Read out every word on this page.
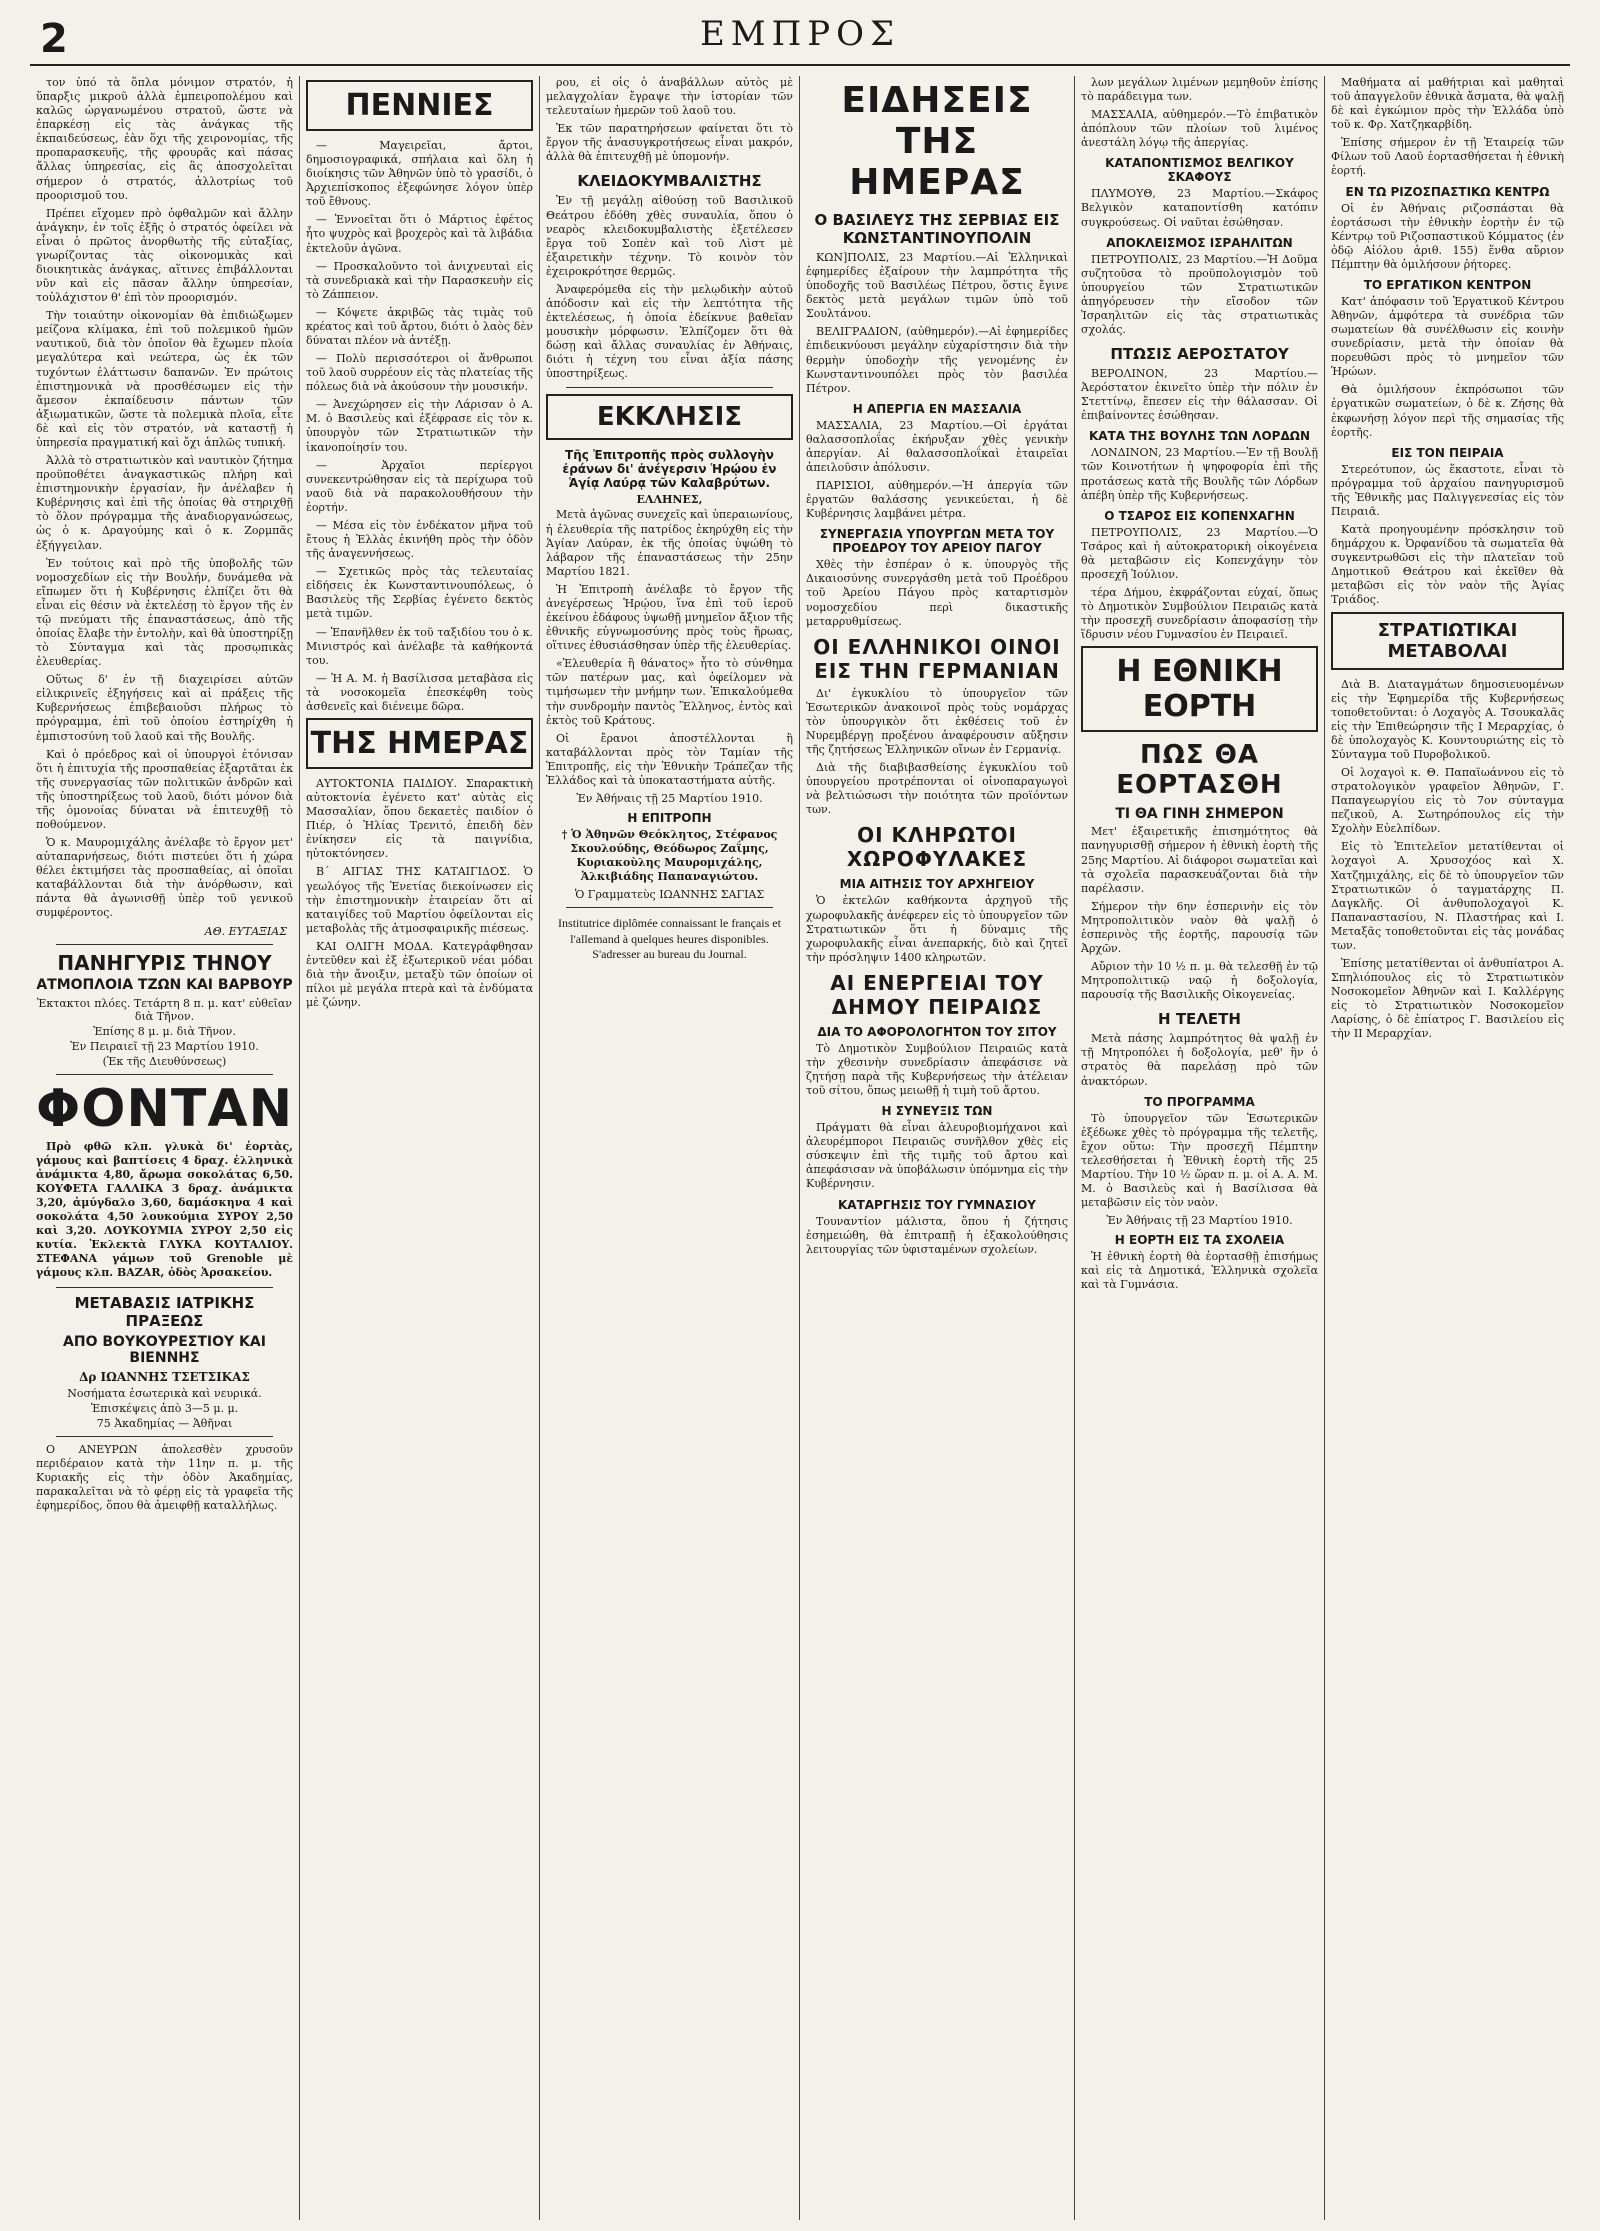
2	ΕΜΠΡΟΣ

τον ὑπό τὰ ὅπλα μόνιμον στρατόν, ἡ ὕπαρξις μικροῦ ἀλλὰ ἐμπειροπολέμου καὶ καλῶς ὡργανωμένου στρατοῦ, ὥστε νὰ ἐπαρκέσῃ εἰς τὰς ἀνάγκας τῆς ἐκπαιδεύσεως, ἐὰν ὅχι τῆς χειρονομίας, τῆς προπαρασκευῆς, τῆς φρουρᾶς καὶ πάσας ἄλλας ὑπηρεσίας, εἰς ἃς ἀποσχολεῖται σήμερον ὁ στρατός, ἀλλοτρίως τοῦ προορισμοῦ του.

Πρέπει εἴχομεν πρὸ ὀφθαλμῶν καὶ ἄλλην ἀνάγκην, ἐν τοῖς ἐξῆς ὁ στρατός ὀφείλει νὰ εἶναι ὁ πρῶτος ἀνορθωτὴς τῆς εὐταξίας, γνωρίζοντας τὰς οἰκονομικὰς καὶ διοικητικὰς ἀνάγκας, αἵτινες ἐπιβάλλονται νῦν καὶ εἰς πᾶσαν ἄλλην ὑπηρεσίαν, τοὐλάχιστον θ' ἐπὶ τὸν προορισμόν.

Τὴν τοιαύτην οἰκονομίαν θὰ ἐπιδιώξωμεν μείζονα κλίμακα, ἐπὶ τοῦ πολεμικοῦ ἡμῶν ναυτικοῦ, διὰ τὸν ὁποῖον θὰ ἔχωμεν πλοία μεγαλύτερα καὶ νεώτερα, ὡς ἐκ τῶν τυχόντων ἐλάττωσιν δαπανῶν. Ἐν πρώτοις ἐπιστημονικὰ νὰ προσθέσωμεν εἰς τὴν ἄμεσον ἐκπαίδευσιν πάντων τῶν ἀξιωματικῶν, ὥστε τὰ πολεμικὰ πλοῖα, εἶτε δὲ καὶ εἰς τὸν στρατόν, νὰ καταστῇ ἡ ὑπηρεσία πραγματική καὶ ὄχι ἁπλῶς τυπική.

Ἀλλὰ τὸ στρατιωτικὸν καὶ ναυτικὸν ζήτημα προϋποθέτει ἀναγκαστικῶς πλήρη καὶ ἐπιστημονικὴν ἐργασίαν, ἣν ἀνέλαβεν ἡ Κυβέρνησις καὶ ἐπὶ τῆς ὁποίας θὰ στηριχθῇ τὸ ὅλον πρόγραμμα τῆς ἀναδιοργανώσεως, ὡς ὁ κ. Δραγούμης καὶ ὁ κ. Ζορμπᾶς ἐξήγγειλαν.

Ἐν τούτοις καὶ πρὸ τῆς ὑποβολῆς τῶν νομοσχεδίων εἰς τὴν Βουλήν, δυνάμεθα νὰ εἴπωμεν ὅτι ἡ Κυβέρνησις ἐλπίζει ὅτι θὰ εἶναι εἰς θέσιν νὰ ἐκτελέσῃ τὸ ἔργον τῆς ἐν τῷ πνεύματι τῆς ἐπαναστάσεως, ἀπὸ τῆς ὁποίας ἔλαβε τὴν ἐντολὴν, καὶ θὰ ὑποστηρίξῃ τὸ Σύνταγμα καὶ τὰς προσῳπικὰς ἐλευθερίας.

Οὕτως δ' ἐν τῇ διαχειρίσει αὐτῶν εἰλικρινεῖς ἐξηγήσεις καὶ αἱ πράξεις τῆς Κυβερνήσεως ἐπιβεβαιοῦσι πλήρως τὸ πρόγραμμα, ἐπὶ τοῦ ὁποίου ἐστηρίχθη ἡ ἐμπιστοσύνη τοῦ λαοῦ καὶ τῆς Βουλῆς.

Καὶ ὁ πρόεδρος καὶ οἱ ὑπουργοὶ ἐτόνισαν ὅτι ἡ ἐπιτυχία τῆς προσπαθείας ἐξαρτᾶται ἐκ τῆς συνεργασίας τῶν πολιτικῶν ἀνδρῶν καὶ τῆς ὑποστηρίξεως τοῦ λαοῦ, διότι μόνον διὰ τῆς ὁμονοίας δύναται νὰ ἐπιτευχθῇ τὸ ποθούμενον.

Ὁ κ. Μαυρομιχάλης ἀνέλαβε τὸ ἔργον μετ' αὐταπαρνήσεως, διότι πιστεύει ὅτι ἡ χώρα θέλει ἐκτιμήσει τὰς προσπαθείας, αἱ ὁποῖαι καταβάλλονται διὰ τὴν ἀνόρθωσιν, καὶ πάντα θὰ ἀγωνισθῇ ὑπὲρ τοῦ γενικοῦ συμφέροντος.

ΑΘ. ΕΥΤΑΞΙΑΣ
ΠΑΝΗΓΥΡΙΣ ΤΗΝΟΥ
ΑΤΜΟΠΛΟΙΑ ΤΖΩΝ ΚΑΙ ΒΑΡΒΟΥΡ
Ἐκτακτοι πλόες. Τετάρτη 8 π. μ. κατ' εὐθεῖαν διὰ Τῆνον.
Ἐπίσης 8 μ. μ. διὰ Τῆνον.
Ἐν Πειραιεῖ τῇ 23 Μαρτίου 1910.
(Ἐκ τῆς Διευθύνσεως)
ΦΟΝΤΑΝ

Πρὸ φθῶ κλπ. γλυκὰ δι' ἑορτὰς, γάμους καὶ βαπτίσεις 4 δραχ. ἑλληνικὰ ἀνάμικτα 4,80, ἄρωμα σοκολάτας 6,50. ΚΟΥΦΕΤΑ ΓΑΛΛΙΚΑ 3 δραχ. ἀνάμικτα 3,20, ἀμύγδαλο 3,60, δαμάσκηνα 4 καὶ σοκολάτα 4,50 λουκούμια ΣΥΡΟΥ 2,50 καὶ 3,20. ΛΟΥΚΟΥΜΙΑ ΣΥΡΟΥ 2,50 εἰς κυτία. Ἐκλεκτὰ ΓΛΥΚΑ ΚΟΥΤΑΛΙΟΥ. ΣΤΕΦΑΝΑ γάμων τοῦ Grenoble μὲ γάμους κλπ. BAZAR, ὁδὸς Ἀρσακείου.

ΜΕΤΑΒΑΣΙΣ ΙΑΤΡΙΚΗΣ ΠΡΑΞΕΩΣ
ΑΠΟ ΒΟΥΚΟΥΡΕΣΤΙΟΥ ΚΑΙ ΒΙΕΝΝΗΣ
Δρ ΙΩΑΝΝΗΣ ΤΣΕΤΣΙΚΑΣ
Νοσήματα ἐσωτερικὰ καὶ νευρικά.
Ἐπισκέψεις ἀπὸ 3—5 μ. μ.
75 Ἀκαδημίας — Ἀθῆναι

Ο ΑΝΕΥΡΩΝ ἀπολεσθὲν χρυσοῦν περιδέραιον κατὰ τὴν 11ην π. μ. τῆς Κυριακῆς εἰς τὴν ὁδὸν Ἀκαδημίας, παρακαλεῖται νὰ τὸ φέρῃ εἰς τὰ γραφεῖα τῆς ἐφημερίδος, ὅπου θὰ ἀμειφθῇ καταλλήλως.

ΠΕΝΝΙΕΣ

— Μαγειρεῖαι, ἄρτοι, δημοσιογραφικά, σπήλαια καὶ ὅλη ἡ διοίκησις τῶν Ἀθηνῶν ὑπὸ τὸ γρασίδι, ὁ Ἀρχιεπίσκοπος ἐξεφώνησε λόγον ὑπὲρ τοῦ ἔθνους.

— Ἐννοεῖται ὅτι ὁ Μάρτιος ἐφέτος ἦτο ψυχρὸς καὶ βροχερὸς καὶ τὰ λιβάδια ἐκτελοῦν ἀγῶνα.

— Προσκαλοῦντο τοὶ ἀνιχνευταὶ εἰς τὰ συνεδριακὰ καὶ τὴν Παρασκευὴν εἰς τὸ Ζάππειον.

— Κόψετε ἀκριβῶς τὰς τιμὰς τοῦ κρέατος καὶ τοῦ ἄρτου, διότι ὁ λαὸς δὲν δύναται πλέον νὰ ἀντέξῃ.

— Πολὺ περισσότεροι οἱ ἄνθρωποι τοῦ λαοῦ συρρέουν εἰς τὰς πλατείας τῆς πόλεως διὰ νὰ ἀκούσουν τὴν μουσικήν.

— Ἀνεχώρησεν εἰς τὴν Λάρισαν ὁ Α. Μ. ὁ Βασιλεὺς καὶ ἐξέφρασε εἰς τὸν κ. ὑπουργὸν τῶν Στρατιωτικῶν τὴν ἱκανοποίησίν του.

— Ἀρχαῖοι περίεργοι συνεκεντρώθησαν εἰς τὰ περίχωρα τοῦ ναοῦ διὰ νὰ παρακολουθήσουν τὴν ἐορτήν.

— Μέσα εἰς τὸν ἑνδέκατον μῆνα τοῦ ἔτους ἡ Ἑλλὰς ἐκινήθη πρὸς τὴν ὁδὸν τῆς ἀναγεννήσεως.

— Σχετικῶς πρὸς τὰς τελευταίας εἰδήσεις ἐκ Κωνσταντινουπόλεως, ὁ Βασιλεὺς τῆς Σερβίας ἐγένετο δεκτὸς μετὰ τιμῶν.

— Ἐπανῆλθεν ἐκ τοῦ ταξιδίου του ὁ κ. Μινιστρός καὶ ἀνέλαβε τὰ καθήκοντά του.

— Ἡ Α. Μ. ἡ Βασίλισσα μεταβὰσα εἰς τὰ νοσοκομεῖα ἐπεσκέφθη τοὺς ἀσθενεῖς καὶ διένειμε δῶρα.

ΤΗΣ ΗΜΕΡΑΣ

ΑΥΤΟΚΤΟΝΙΑ ΠΑΙΔΙΟΥ. Σπαρακτικὴ αὐτοκτονία ἐγένετο κατ' αὐτὰς εἰς Μασσαλίαν, ὅπου δεκαετὲς παιδίον ὁ Πιέρ, ὁ Ἡλίας Τρενιτό, ἐπειδὴ δὲν ἐνίκησεν εἰς τὰ παιγνίδια, ηὐτοκτόνησεν.

Β΄ ΑΙΓΙΑΣ ΤΗΣ ΚΑΤΑΙΓΙΔΟΣ. Ὁ γεωλόγος τῆς Ἐνετίας διεκοίνωσεν εἰς τὴν ἐπιστημονικὴν ἑταιρείαν ὅτι αἱ καταιγίδες τοῦ Μαρτίου ὀφείλονται εἰς μεταβολὰς τῆς ἀτμοσφαιρικῆς πιέσεως.

ΚΑΙ ΟΛΙΓΗ ΜΟΔΑ. Κατεγράφθησαν ἐντεῦθεν καὶ ἐξ ἐξωτερικοῦ νέαι μόδαι διὰ τὴν ἄνοιξιν, μεταξὺ τῶν ὁποίων οἱ πίλοι μὲ μεγάλα πτερὰ καὶ τὰ ἐνδύματα μὲ ζώνην.

ρου, εἰ οἷς ὁ ἀναβάλλων αὐτὸς μὲ μελαγχολίαν ἔγραψε τὴν ἱστορίαν τῶν τελευταίων ἡμερῶν τοῦ λαοῦ του.

Ἐκ τῶν παρατηρήσεων φαίνεται ὅτι τὸ ἔργον τῆς ἀνασυγκροτήσεως εἶναι μακρόν, ἀλλὰ θὰ ἐπιτευχθῇ μὲ ὑπομονήν.

ΚΛΕΙΔΟΚΥΜΒΑΛΙΣΤΗΣ

Ἐν τῇ μεγάλῃ αἰθούσῃ τοῦ Βασιλικοῦ Θεάτρου ἐδόθη χθὲς συναυλία, ὅπου ὁ νεαρὸς κλειδοκυμβαλιστὴς ἐξετέλεσεν ἔργα τοῦ Σοπὲν καὶ τοῦ Λὶστ μὲ ἐξαιρετικὴν τέχνην. Τὸ κοινὸν τὸν ἐχειροκρότησε θερμῶς.

Ἀναφερόμεθα εἰς τὴν μελῳδικὴν αὐτοῦ ἀπόδοσιν καὶ εἰς τὴν λεπτότητα τῆς ἐκτελέσεως, ἡ ὁποία ἐδείκνυε βαθεῖαν μουσικὴν μόρφωσιν. Ἐλπίζομεν ὅτι θὰ δώσῃ καὶ ἄλλας συναυλίας ἐν Ἀθήναις, διότι ἡ τέχνη του εἶναι ἀξία πάσης ὑποστηρίξεως.

ΕΚΚΛΗΣΙΣ
Τῆς Ἐπιτροπῆς πρὸς συλλογὴν ἐράνων δι' ἀνέγερσιν Ἡρῴου ἐν Ἁγίᾳ Λαύρᾳ τῶν Καλαβρύτων.
ΕΛΛΗΝΕΣ,

Μετὰ ἀγῶνας συνεχεῖς καὶ ὑπεραιωνίους, ἡ ἐλευθερία τῆς πατρίδος ἐκηρύχθη εἰς τὴν Ἁγίαν Λαύραν, ἐκ τῆς ὁποίας ὑψώθη τὸ λάβαρον τῆς ἐπαναστάσεως τὴν 25ην Μαρτίου 1821.

Ἡ Ἐπιτροπὴ ἀνέλαβε τὸ ἔργον τῆς ἀνεγέρσεως Ἡρῴου, ἵνα ἐπὶ τοῦ ἱεροῦ ἐκείνου ἐδάφους ὑψωθῇ μνημεῖον ἄξιον τῆς ἐθνικῆς εὐγνωμοσύνης πρὸς τοὺς ἥρωας, οἵτινες ἐθυσιάσθησαν ὑπὲρ τῆς ἐλευθερίας.

«Ἐλευθερία ἢ θάνατος» ἦτο τὸ σύνθημα τῶν πατέρων μας, καὶ ὀφείλομεν νὰ τιμήσωμεν τὴν μνήμην των. Ἐπικαλούμεθα τὴν συνδρομὴν παντὸς Ἕλληνος, ἐντὸς καὶ ἐκτὸς τοῦ Κράτους.

Οἱ ἔρανοι ἀποστέλλονται ἢ καταβάλλονται πρὸς τὸν Ταμίαν τῆς Ἐπιτροπῆς, εἰς τὴν Ἐθνικὴν Τράπεζαν τῆς Ἑλλάδος καὶ τὰ ὑποκαταστήματα αὐτῆς.

Ἐν Ἀθήναις τῇ 25 Μαρτίου 1910.
Η ΕΠΙΤΡΟΠΗ

† Ὁ Ἀθηνῶν Θεόκλητος, Στέφανος Σκουλούδης, Θεόδωρος Ζαΐμης, Κυριακοὺλης Μαυρομιχάλης, Ἀλκιβιάδης Παπαναγιώτου.

Ὁ Γραμματεὺς ΙΩΑΝΝΗΣ ΣΑΓΙΑΣ
Institutrice diplômée connaissant le français et l'allemand à quelques heures disponibles. S'adresser au bureau du Journal.
ΕΙΔΗΣΕΙΣ ΤΗΣ ΗΜΕΡΑΣ
Ο ΒΑΣΙΛΕΥΣ ΤΗΣ ΣΕΡΒΙΑΣ ΕΙΣ ΚΩΝΣΤΑΝΤΙΝΟΥΠΟΛΙΝ

ΚΩΝ]ΠΟΛΙΣ, 23 Μαρτίου.—Αἱ Ἑλληνικαὶ ἐφημερίδες ἐξαίρουν τὴν λαμπρότητα τῆς ὑποδοχῆς τοῦ Βασιλέως Πέτρου, ὅστις ἔγινε δεκτὸς μετὰ μεγάλων τιμῶν ὑπὸ τοῦ Σουλτάνου.

ΒΕΛΙΓΡΑΔΙΟΝ, (αὐθημερόν).—Αἱ ἐφημερίδες ἐπιδεικνύουσι μεγάλην εὐχαρίστησιν διὰ τὴν θερμὴν ὑποδοχὴν τῆς γενομένης ἐν Κωνσταντινουπόλει πρὸς τὸν βασιλέα Πέτρον.

Η ΑΠΕΡΓΙΑ ΕΝ ΜΑΣΣΑΛΙΑ

ΜΑΣΣΑΛΙΑ, 23 Μαρτίου.—Οἱ ἐργάται θαλασσοπλοΐας ἐκήρυξαν χθὲς γενικὴν ἀπεργίαν. Αἱ θαλασσοπλοΐκαὶ ἑταιρεῖαι ἀπειλοῦσιν ἀπόλυσιν.

ΠΑΡΙΣΙΟΙ, αὐθημερόν.—Ἡ ἀπεργία τῶν ἐργατῶν θαλάσσης γενικεύεται, ἡ δὲ Κυβέρνησις λαμβάνει μέτρα.

ΣΥΝΕΡΓΑΣΙΑ ΥΠΟΥΡΓΩΝ ΜΕΤΑ ΤΟΥ ΠΡΟΕΔΡΟΥ ΤΟΥ ΑΡΕΙΟΥ ΠΑΓΟΥ

Χθὲς τὴν ἑσπέραν ὁ κ. ὑπουργὸς τῆς Δικαιοσύνης συνεργάσθη μετὰ τοῦ Προέδρου τοῦ Ἀρείου Πάγου πρὸς καταρτισμὸν νομοσχεδίου περὶ δικαστικῆς μεταρρυθμίσεως.

ΟΙ ΕΛΛΗΝΙΚΟΙ ΟΙΝΟΙ ΕΙΣ ΤΗΝ ΓΕΡΜΑΝΙΑΝ

Δι' ἐγκυκλίου τὸ ὑπουργεῖον τῶν Ἐσωτερικῶν ἀνακοινοῖ πρὸς τοὺς νομάρχας τὸν ὑπουργικὸν ὅτι ἐκθέσεις τοῦ ἐν Νυρεμβέργῃ προξένου ἀναφέρουσιν αὔξησιν τῆς ζητήσεως Ἑλληνικῶν οἴνων ἐν Γερμανίᾳ.

Διὰ τῆς διαβιβασθείσης ἐγκυκλίου τοῦ ὑπουργείου προτρέπονται οἱ οἰνοπαραγωγοὶ νὰ βελτιώσωσι τὴν ποιότητα τῶν προϊόντων των.

ΟΙ ΚΛΗΡΩΤΟΙ ΧΩΡΟΦΥΛΑΚΕΣ
ΜΙΑ ΑΙΤΗΣΙΣ ΤΟΥ ΑΡΧΗΓΕΙΟΥ

Ὁ ἐκτελῶν καθήκοντα ἀρχηγοῦ τῆς χωροφυλακῆς ἀνέφερεν εἰς τὸ ὑπουργεῖον τῶν Στρατιωτικῶν ὅτι ἡ δύναμις τῆς χωροφυλακῆς εἶναι ἀνεπαρκής, διὸ καὶ ζητεῖ τὴν πρόσληψιν 1400 κληρωτῶν.

ΑΙ ΕΝΕΡΓΕΙΑΙ ΤΟΥ ΔΗΜΟΥ ΠΕΙΡΑΙΩΣ
ΔΙΑ ΤΟ ΑΦΟΡΟΛΟΓΗΤΟΝ ΤΟΥ ΣΙΤΟΥ

Τὸ Δημοτικὸν Συμβούλιον Πειραιῶς κατὰ τὴν χθεσινὴν συνεδρίασιν ἀπεφάσισε νὰ ζητήσῃ παρὰ τῆς Κυβερνήσεως τὴν ἀτέλειαν τοῦ σίτου, ὅπως μειωθῇ ἡ τιμὴ τοῦ ἄρτου.

Η ΣΥΝΕΥΞΙΣ ΤΩΝ

Πράγματι θὰ εἶναι ἀλευροβιομήχανοι καὶ ἀλευρέμποροι Πειραιῶς συνῆλθον χθὲς εἰς σύσκεψιν ἐπὶ τῆς τιμῆς τοῦ ἄρτου καὶ ἀπεφάσισαν νὰ ὑποβάλωσιν ὑπόμνημα εἰς τὴν Κυβέρνησιν.

ΚΑΤΑΡΓΗΣΙΣ ΤΟΥ ΓΥΜΝΑΣΙΟΥ

Τουναντίον μάλιστα, ὅπου ἡ ζήτησις ἐσημειώθη, θὰ ἐπιτραπῇ ἡ ἐξακολούθησις λειτουργίας τῶν ὑφισταμένων σχολείων.

λων μεγάλων λιμένων μεμηθοῦν ἐπίσης τὸ παράδειγμα των.

ΜΑΣΣΑΛΙΑ, αὐθημερόν.—Τὸ ἐπιβατικὸν ἀπόπλουν τῶν πλοίων τοῦ λιμένος ἀνεστάλη λόγῳ τῆς ἀπεργίας.

ΚΑΤΑΠΟΝΤΙΣΜΟΣ ΒΕΛΓΙΚΟΥ ΣΚΑΦΟΥΣ

ΠΛΥΜΟΥΘ, 23 Μαρτίου.—Σκάφος Βελγικὸν καταποντίσθη κατόπιν συγκρούσεως. Οἱ ναῦται ἐσώθησαν.

ΑΠΟΚΛΕΙΣΜΟΣ ΙΣΡΑΗΛΙΤΩΝ

ΠΕΤΡΟΥΠΟΛΙΣ, 23 Μαρτίου.—Ἡ Δοῦμα συζητοῦσα τὸ προϋπολογισμὸν τοῦ ὑπουργείου τῶν Στρατιωτικῶν ἀπηγόρευσεν τὴν εἴσοδον τῶν Ἰσραηλιτῶν εἰς τὰς στρατιωτικὰς σχολάς.

ΠΤΩΣΙΣ ΑΕΡΟΣΤΑΤΟΥ

ΒΕΡΟΛΙΝΟΝ, 23 Μαρτίου.—Ἀερόστατον ἐκινεῖτο ὑπὲρ τὴν πόλιν ἐν Στεττίνῳ, ἔπεσεν εἰς τὴν θάλασσαν. Οἱ ἐπιβαίνοντες ἐσώθησαν.

ΚΑΤΑ ΤΗΣ ΒΟΥΛΗΣ ΤΩΝ ΛΟΡΔΩΝ

ΛΟΝΔΙΝΟΝ, 23 Μαρτίου.—Ἐν τῇ Βουλῇ τῶν Κοινοτήτων ἡ ψηφοφορία ἐπὶ τῆς προτάσεως κατὰ τῆς Βουλῆς τῶν Λόρδων ἀπέβη ὑπὲρ τῆς Κυβερνήσεως.

Ο ΤΣΑΡΟΣ ΕΙΣ ΚΟΠΕΝΧΑΓΗΝ

ΠΕΤΡΟΥΠΟΛΙΣ, 23 Μαρτίου.—Ὁ Τσάρος καὶ ἡ αὐτοκρατορικὴ οἰκογένεια θὰ μεταβῶσιν εἰς Κοπενχάγην τὸν προσεχῆ Ἰούλιον.

τέρα Δήμου, ἐκφράζονται εὐχαί, ὅπως τὸ Δημοτικὸν Συμβούλιον Πειραιῶς κατὰ τὴν προσεχῆ συνεδρίασιν ἀποφασίσῃ τὴν ἵδρυσιν νέου Γυμνασίου ἐν Πειραιεῖ.

Η ΕΘΝΙΚΗ ΕΟΡΤΗ
ΠΩΣ ΘΑ ΕΟΡΤΑΣΘΗ
ΤΙ ΘΑ ΓΙΝΗ ΣΗΜΕΡΟΝ

Μετ' ἐξαιρετικῆς ἐπισημότητος θὰ πανηγυρισθῇ σήμερον ἡ ἐθνικὴ ἑορτὴ τῆς 25ης Μαρτίου. Αἱ διάφοροι σωματεῖαι καὶ τὰ σχολεῖα παρασκευάζονται διὰ τὴν παρέλασιν.

Σήμερον τὴν 6ην ἑσπερινὴν εἰς τὸν Μητροπολιτικὸν ναὸν θὰ ψαλῇ ὁ ἑσπερινὸς τῆς ἑορτῆς, παρουσίᾳ τῶν Ἀρχῶν.

Αὔριον τὴν 10 ½ π. μ. θὰ τελεσθῇ ἐν τῷ Μητροπολιτικῷ ναῷ ἡ δοξολογία, παρουσίᾳ τῆς Βασιλικῆς Οἰκογενείας.

Η ΤΕΛΕΤΗ

Μετὰ πάσης λαμπρότητος θὰ ψαλῇ ἐν τῇ Μητροπόλει ἡ δοξολογία, μεθ' ἣν ὁ στρατὸς θὰ παρελάσῃ πρὸ τῶν ἀνακτόρων.

ΤΟ ΠΡΟΓΡΑΜΜΑ

Τὸ ὑπουργεῖον τῶν Ἐσωτερικῶν ἐξέδωκε χθὲς τὸ πρόγραμμα τῆς τελετῆς, ἔχον οὕτω: Τὴν προσεχῆ Πέμπτην τελεσθήσεται ἡ Ἐθνικὴ ἑορτὴ τῆς 25 Μαρτίου. Τὴν 10 ½ ὥραν π. μ. οἱ Α. Α. Μ. Μ. ὁ Βασιλεὺς καὶ ἡ Βασίλισσα θὰ μεταβῶσιν εἰς τὸν ναὸν.

Ἐν Ἀθήναις τῇ 23 Μαρτίου 1910.
Η ΕΟΡΤΗ ΕΙΣ ΤΑ ΣΧΟΛΕΙΑ

Ἡ ἐθνικὴ ἑορτὴ θὰ ἑορτασθῇ ἐπισήμως καὶ εἰς τὰ Δημοτικά, Ἑλληνικὰ σχολεῖα καὶ τὰ Γυμνάσια.

Μαθήματα αἱ μαθήτριαι καὶ μαθηταὶ τοῦ ἀπαγγελοῦν ἐθνικὰ ἄσματα, θὰ ψαλῇ δὲ καὶ ἐγκώμιον πρὸς τὴν Ἑλλάδα ὑπὸ τοῦ κ. Φρ. Χατζηκαρβίδη.

Ἐπίσης σήμερον ἐν τῇ Ἑταιρείᾳ τῶν Φίλων τοῦ Λαοῦ ἑορτασθήσεται ἡ ἐθνικὴ ἑορτή.

ΕΝ ΤΩ ΡΙΖΟΣΠΑΣΤΙΚΩ ΚΕΝΤΡΩ

Οἱ ἐν Ἀθήναις ριζοσπάσται θὰ ἑορτάσωσι τὴν ἐθνικὴν ἑορτὴν ἐν τῷ Κέντρῳ τοῦ Ριζοσπαστικοῦ Κόμματος (ἐν ὁδῷ Αἰόλου ἀριθ. 155) ἕνθα αὔριον Πέμπτην θὰ ὁμιλήσουν ῥήτορες.

ΤΟ ΕΡΓΑΤΙΚΟΝ ΚΕΝΤΡΟΝ

Κατ' ἀπόφασιν τοῦ Ἐργατικοῦ Κέντρου Ἀθηνῶν, ἀμφότερα τὰ συνέδρια τῶν σωματείων θὰ συνέλθωσιν εἰς κοινὴν συνεδρίασιν, μετὰ τὴν ὁποίαν θὰ πορευθῶσι πρὸς τὸ μνημεῖον τῶν Ἡρώων.

Θὰ ὁμιλήσουν ἐκπρόσωποι τῶν ἐργατικῶν σωματείων, ὁ δὲ κ. Ζήσης θὰ ἐκφωνήσῃ λόγον περὶ τῆς σημασίας τῆς ἑορτῆς.

ΕΙΣ ΤΟΝ ΠΕΙΡΑΙΑ

Στερεότυπον, ὡς ἕκαστοτε, εἶναι τὸ πρόγραμμα τοῦ ἀρχαίου πανηγυρισμοῦ τῆς Ἐθνικῆς μας Παλιγγενεσίας εἰς τὸν Πειραιᾶ.

Κατὰ προηγουμένην πρόσκλησιν τοῦ δημάρχου κ. Ὀρφανίδου τὰ σωματεῖα θὰ συγκεντρωθῶσι εἰς τὴν πλατεῖαν τοῦ Δημοτικοῦ Θεάτρου καὶ ἐκεῖθεν θὰ μεταβῶσι εἰς τὸν ναὸν τῆς Ἁγίας Τριάδος.

ΣΤΡΑΤΙΩΤΙΚΑΙ ΜΕΤΑΒΟΛΑΙ

Διὰ Β. Διαταγμάτων δημοσιευομένων εἰς τὴν Ἐφημερίδα τῆς Κυβερνήσεως τοποθετοῦνται: ὁ Λοχαγὸς Α. Τσουκαλᾶς εἰς τὴν Ἐπιθεώρησιν τῆς Ι Μεραρχίας, ὁ δὲ ὑπολοχαγὸς Κ. Κουντουριώτης εἰς τὸ Σύνταγμα τοῦ Πυροβολικοῦ.

Οἱ λοχαγοὶ κ. Θ. Παπαϊωάννου εἰς τὸ στρατολογικὸν γραφεῖον Ἀθηνῶν, Γ. Παπαγεωργίου εἰς τὸ 7ον σύνταγμα πεζικοῦ, Α. Σωτηρόπουλος εἰς τὴν Σχολὴν Εὐελπίδων.

Εἰς τὸ Ἐπιτελεῖον μετατίθενται οἱ λοχαγοὶ Α. Χρυσοχόος καὶ Χ. Χατζημιχάλης, εἰς δὲ τὸ ὑπουργεῖον τῶν Στρατιωτικῶν ὁ ταγματάρχης Π. Δαγκλῆς. Οἱ ἀνθυπολοχαγοὶ Κ. Παπαναστασίου, Ν. Πλαστήρας καὶ Ι. Μεταξᾶς τοποθετοῦνται εἰς τὰς μονάδας των.

Ἐπίσης μετατίθενται οἱ ἀνθυπίατροι Α. Σπηλιόπουλος εἰς τὸ Στρατιωτικὸν Νοσοκομεῖον Ἀθηνῶν καὶ Ι. Καλλέργης εἰς τὸ Στρατιωτικὸν Νοσοκομεῖον Λαρίσης, ὁ δὲ ἐπίατρος Γ. Βασιλείου εἰς τὴν ΙΙ Μεραρχίαν.
